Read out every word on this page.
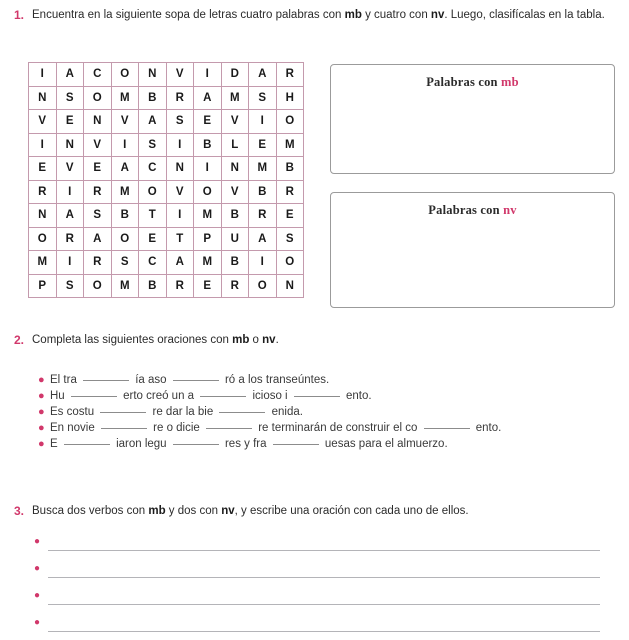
1. Encuentra en la siguiente sopa de letras cuatro palabras con mb y cuatro con nv. Luego, clasifícalas en la tabla.
I	A	C	O	N	V	I	D	A	R
N	S	O	M	B	R	A	M	S	H
V	E	N	V	A	S	E	V	I	O
I	N	V	I	S	I	B	L	E	M
E	V	E	A	C	N	I	N	M	B
R	I	R	M	O	V	O	V	B	R
N	A	S	B	T	I	M	B	R	E
O	R	A	O	E	T	P	U	A	S
M	I	R	S	C	A	M	B	I	O
P	S	O	M	B	R	E	R	O	N
Palabras con mb
Palabras con nv
2. Completa las siguientes oraciones con mb o nv.
● El tra	ía aso	ró a los transeúntes.
● Hu	erto creó un a	icioso i	ento.
● Es costu	re dar la bie	enida.
● En novie	re o dicie	re terminarán de construir el co	ento.
● E	iaron legu	res y fra	uesas para el almuerzo.
3. Busca dos verbos con mb y dos con nv, y escribe una oración con cada uno de ellos.
●
●
●
●
